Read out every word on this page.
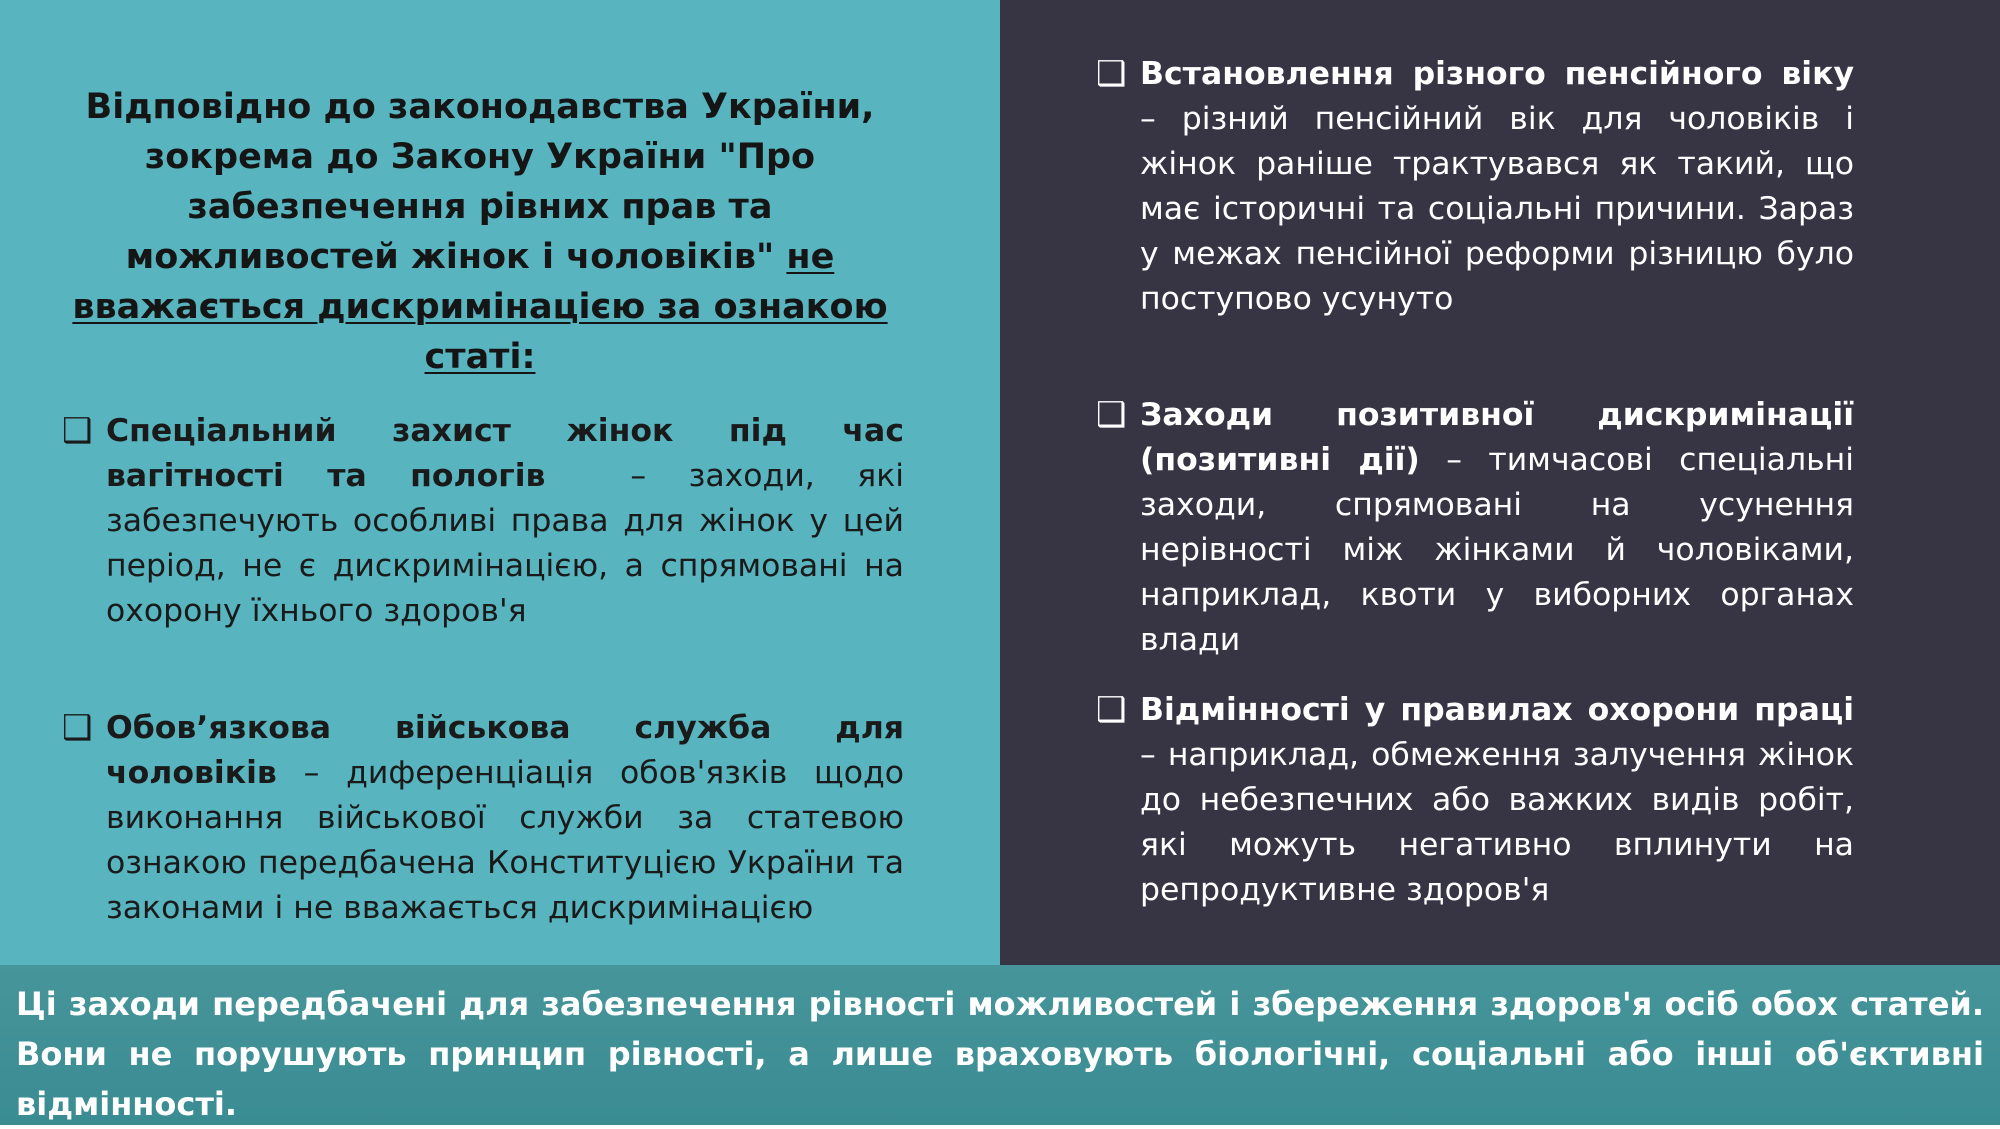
Відповідно до законодавства України, зокрема до Закону України "Про забезпечення рівних прав та можливостей жінок і чоловіків" не вважається дискримінацією за ознакою статі:
❑ Спеціальний захист жінок під час вагітності та пологів	– заходи, які забезпечують особливі права для жінок у цей період, не є дискримінацією, а спрямовані на охорону їхнього здоров'я
❑ Обов’язкова військова служба для чоловіків – диференціація обов'язків щодо виконання військової служби за статевою ознакою передбачена Конституцією України та законами і не вважається дискримінацією
❑ Встановлення різного пенсійного віку – різний пенсійний вік для чоловіків і жінок раніше трактувався як такий, що має історичні та соціальні причини. Зараз у межах пенсійної реформи різницю було поступово усунуто
❑ Заходи позитивної дискримінації (позитивні дії) – тимчасові спеціальні заходи, спрямовані на усунення нерівності між жінками й чоловіками, наприклад, квоти у виборних органах влади
❑ Відмінності у правилах охорони праці – наприклад, обмеження залучення жінок до небезпечних або важких видів робіт, які можуть негативно вплинути на репродуктивне здоров'я
Ці заходи передбачені для забезпечення рівності можливостей і збереження здоров'я осіб обох статей. Вони не порушують принцип рівності, а лише враховують біологічні, соціальні або інші об'єктивні відмінності.
